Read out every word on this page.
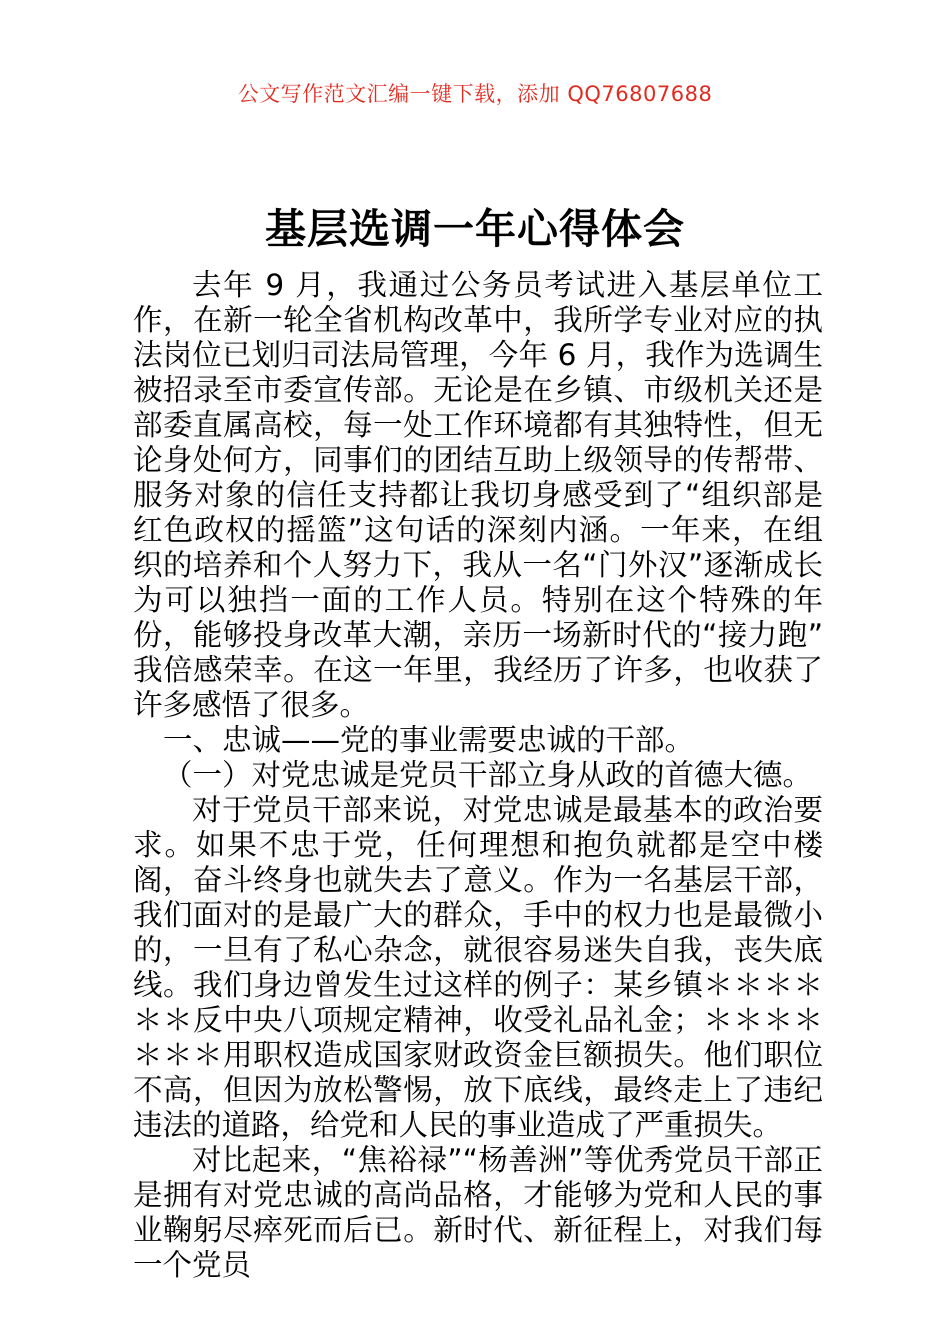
公文写作范文汇编一键下载，添加 QQ76807688
基层选调一年心得体会

去年 9 月，我通过公务员考试进入基层单位工作，在新一轮全省机构改革中，我所学专业对应的执法岗位已划归司法局管理，今年 6 月，我作为选调生被招录至市委宣传部。无论是在乡镇、市级机关还是部委直属高校，每一处工作环境都有其独特性，但无论身处何方，同事们的团结互助上级领导的传帮带、服务对象的信任支持都让我切身感受到了“组织部是红色政权的摇篮”这句话的深刻内涵。一年来，在组织的培养和个人努力下，我从一名“门外汉”逐渐成长为可以独挡一面的工作人员。特别在这个特殊的年份，能够投身改革大潮，亲历一场新时代的“接力跑”我倍感荣幸。在这一年里，我经历了许多，也收获了许多感悟了很多。

一、忠诚——党的事业需要忠诚的干部。

（一）对党忠诚是党员干部立身从政的首德大德。

对于党员干部来说，对党忠诚是最基本的政治要求。如果不忠于党，任何理想和抱负就都是空中楼阁，奋斗终身也就失去了意义。作为一名基层干部，我们面对的是最广大的群众，手中的权力也是最微小的，一旦有了私心杂念，就很容易迷失自我，丧失底线。我们身边曾发生过这样的例子：某乡镇＊＊＊＊＊＊反中央八项规定精神，收受礼品礼金；＊＊＊＊＊＊＊用职权造成国家财政资金巨额损失。他们职位不高，但因为放松警惕，放下底线，最终走上了违纪违法的道路，给党和人民的事业造成了严重损失。

对比起来，“焦裕禄”“杨善洲”等优秀党员干部正是拥有对党忠诚的高尚品格，才能够为党和人民的事业鞠躬尽瘁死而后已。新时代、新征程上，对我们每一个党员
